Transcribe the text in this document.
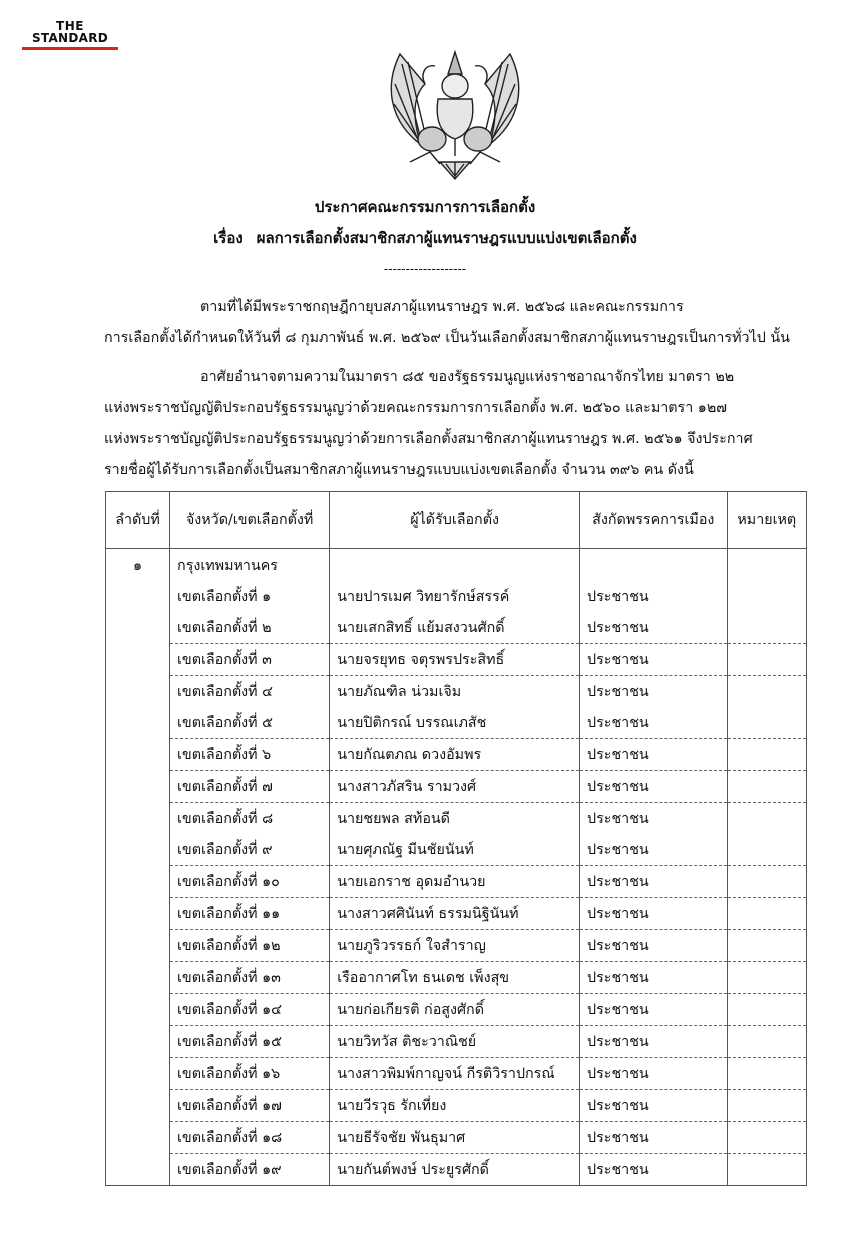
THE
STANDARD
ประกาศคณะกรรมการการเลือกตั้ง
เรื่อง ผลการเลือกตั้งสมาชิกสภาผู้แทนราษฎรแบบแบ่งเขตเลือกตั้ง
-------------------
ตามที่ได้มีพระราชกฤษฎีกายุบสภาผู้แทนราษฎร พ.ศ. ๒๕๖๘ และคณะกรรมการ
การเลือกตั้งได้กำหนดให้วันที่ ๘ กุมภาพันธ์ พ.ศ. ๒๕๖๙ เป็นวันเลือกตั้งสมาชิกสภาผู้แทนราษฎรเป็นการทั่วไป นั้น
อาศัยอำนาจตามความในมาตรา ๘๕ ของรัฐธรรมนูญแห่งราชอาณาจักรไทย มาตรา ๒๒
แห่งพระราชบัญญัติประกอบรัฐธรรมนูญว่าด้วยคณะกรรมการการเลือกตั้ง พ.ศ. ๒๕๖๐ และมาตรา ๑๒๗
แห่งพระราชบัญญัติประกอบรัฐธรรมนูญว่าด้วยการเลือกตั้งสมาชิกสภาผู้แทนราษฎร พ.ศ. ๒๕๖๑ จึงประกาศ
รายชื่อผู้ได้รับการเลือกตั้งเป็นสมาชิกสภาผู้แทนราษฎรแบบแบ่งเขตเลือกตั้ง จำนวน ๓๙๖ คน ดังนี้
ลำดับที่	จังหวัด/เขตเลือกตั้งที่	ผู้ได้รับเลือกตั้ง	สังกัดพรรคการเมือง	หมายเหตุ
๑	กรุงเทพมหานคร			
	เขตเลือกตั้งที่ ๑	นายปารเมศ วิทยารักษ์สรรค์	ประชาชน	
	เขตเลือกตั้งที่ ๒	นายเสกสิทธิ์ แย้มสงวนศักดิ์	ประชาชน	
	เขตเลือกตั้งที่ ๓	นายจรยุทธ จตุรพรประสิทธิ์	ประชาชน	
	เขตเลือกตั้งที่ ๔	นายภัณฑิล น่วมเจิม	ประชาชน	
	เขตเลือกตั้งที่ ๕	นายปิติกรณ์ บรรณเภสัช	ประชาชน	
	เขตเลือกตั้งที่ ๖	นายกัณตภณ ดวงอัมพร	ประชาชน	
	เขตเลือกตั้งที่ ๗	นางสาวภัสริน รามวงศ์	ประชาชน	
	เขตเลือกตั้งที่ ๘	นายชยพล สท้อนดี	ประชาชน	
	เขตเลือกตั้งที่ ๙	นายศุภณัฐ มีนชัยนันท์	ประชาชน	
	เขตเลือกตั้งที่ ๑๐	นายเอกราช อุดมอำนวย	ประชาชน	
	เขตเลือกตั้งที่ ๑๑	นางสาวศศินันท์ ธรรมนิฐินันท์	ประชาชน	
	เขตเลือกตั้งที่ ๑๒	นายภูริวรรธก์ ใจสำราญ	ประชาชน	
	เขตเลือกตั้งที่ ๑๓	เรืออากาศโท ธนเดช เพ็งสุข	ประชาชน	
	เขตเลือกตั้งที่ ๑๔	นายก่อเกียรติ ก่อสูงศักดิ์	ประชาชน	
	เขตเลือกตั้งที่ ๑๕	นายวิทวัส ติชะวาณิชย์	ประชาชน	
	เขตเลือกตั้งที่ ๑๖	นางสาวพิมพ์กาญจน์ กีรติวิราปกรณ์	ประชาชน	
	เขตเลือกตั้งที่ ๑๗	นายวีรวุธ รักเที่ยง	ประชาชน	
	เขตเลือกตั้งที่ ๑๘	นายธีรัจชัย พันธุมาศ	ประชาชน	
	เขตเลือกตั้งที่ ๑๙	นายกันต์พงษ์ ประยูรศักดิ์	ประชาชน	
